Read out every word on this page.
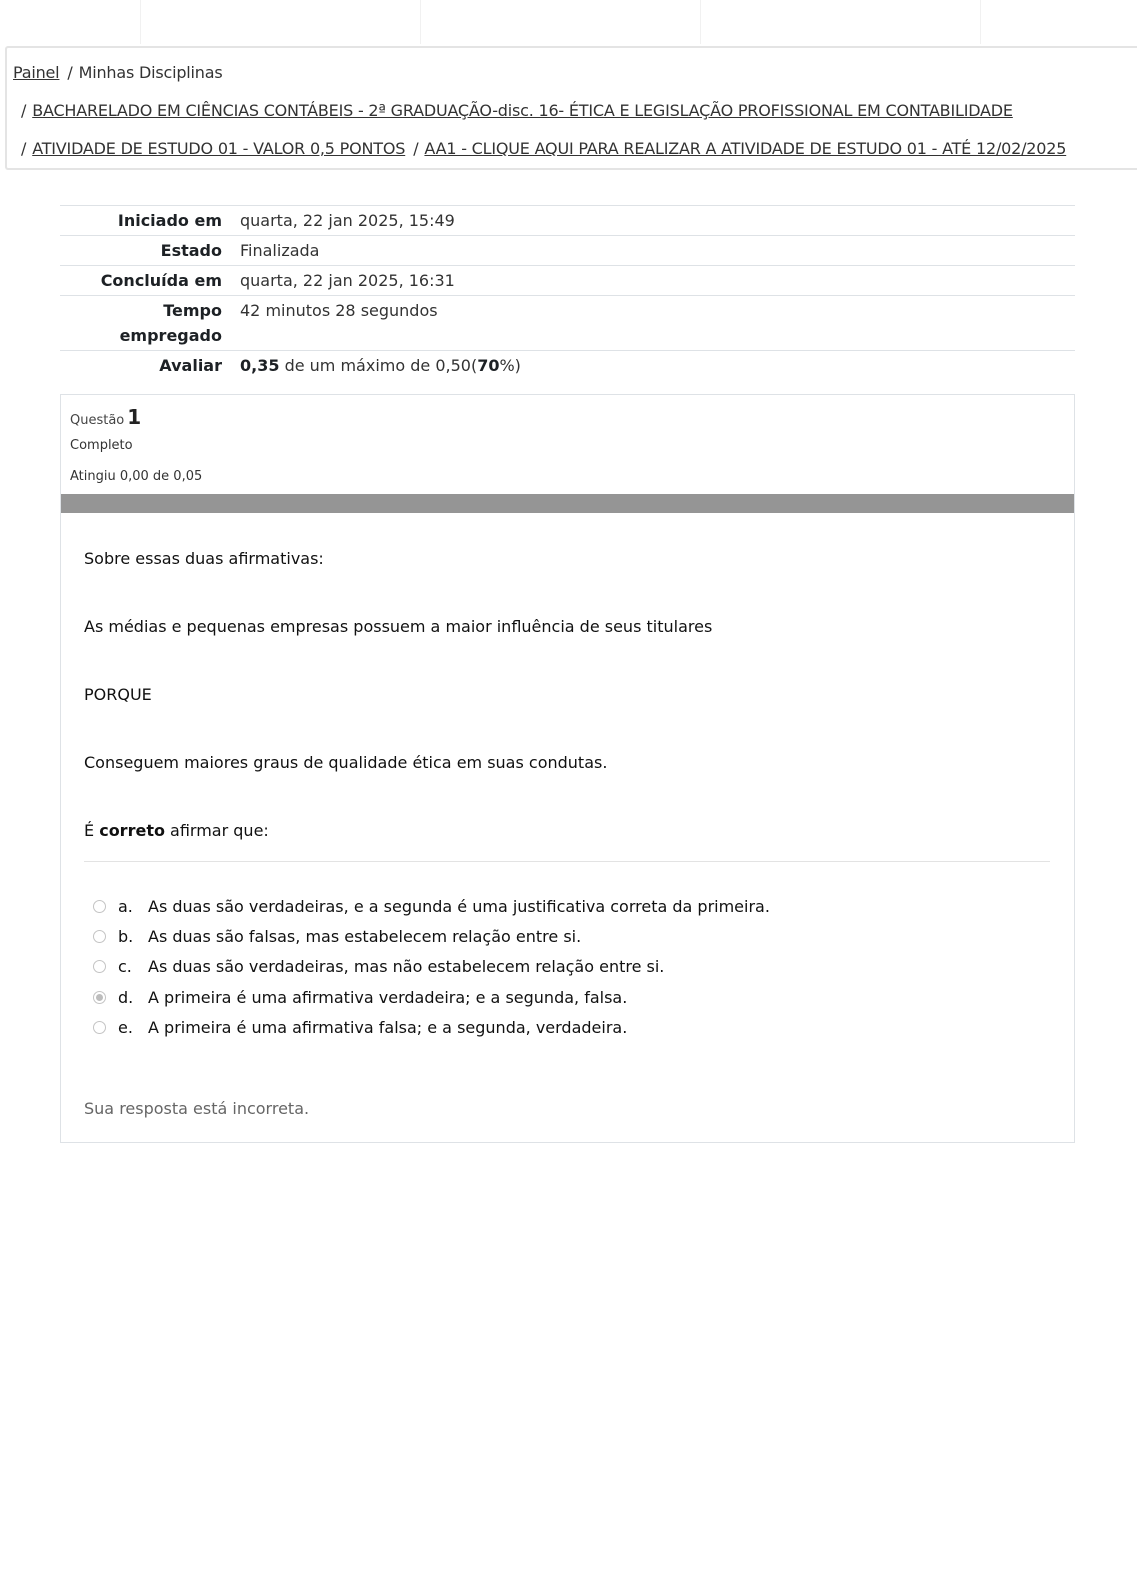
Painel / Minhas Disciplinas
/ BACHARELADO EM CIÊNCIAS CONTÁBEIS - 2ª GRADUAÇÃO-disc. 16- ÉTICA E LEGISLAÇÃO PROFISSIONAL EM CONTABILIDADE
/ ATIVIDADE DE ESTUDO 01 - VALOR 0,5 PONTOS / AA1 - CLIQUE AQUI PARA REALIZAR A ATIVIDADE DE ESTUDO 01 - ATÉ 12/02/2025
Iniciado em	quarta, 22 jan 2025, 15:49
Estado	Finalizada
Concluída em	quarta, 22 jan 2025, 16:31
Tempo
empregado
42 minutos 28 segundos
Avaliar	0,35 de um máximo de 0,50(70%)
Questão 1
Completo
Atingiu 0,00 de 0,05
Sobre essas duas afirmativas:
As médias e pequenas empresas possuem a maior influência de seus titulares
PORQUE
Conseguem maiores graus de qualidade ética em suas condutas.
É correto afirmar que:
a. As duas são verdadeiras, e a segunda é uma justificativa correta da primeira.
b. As duas são falsas, mas estabelecem relação entre si.
c.	As duas são verdadeiras, mas não estabelecem relação entre si.
d. A primeira é uma afirmativa verdadeira; e a segunda, falsa.
e. A primeira é uma afirmativa falsa; e a segunda, verdadeira.
Sua resposta está incorreta.
